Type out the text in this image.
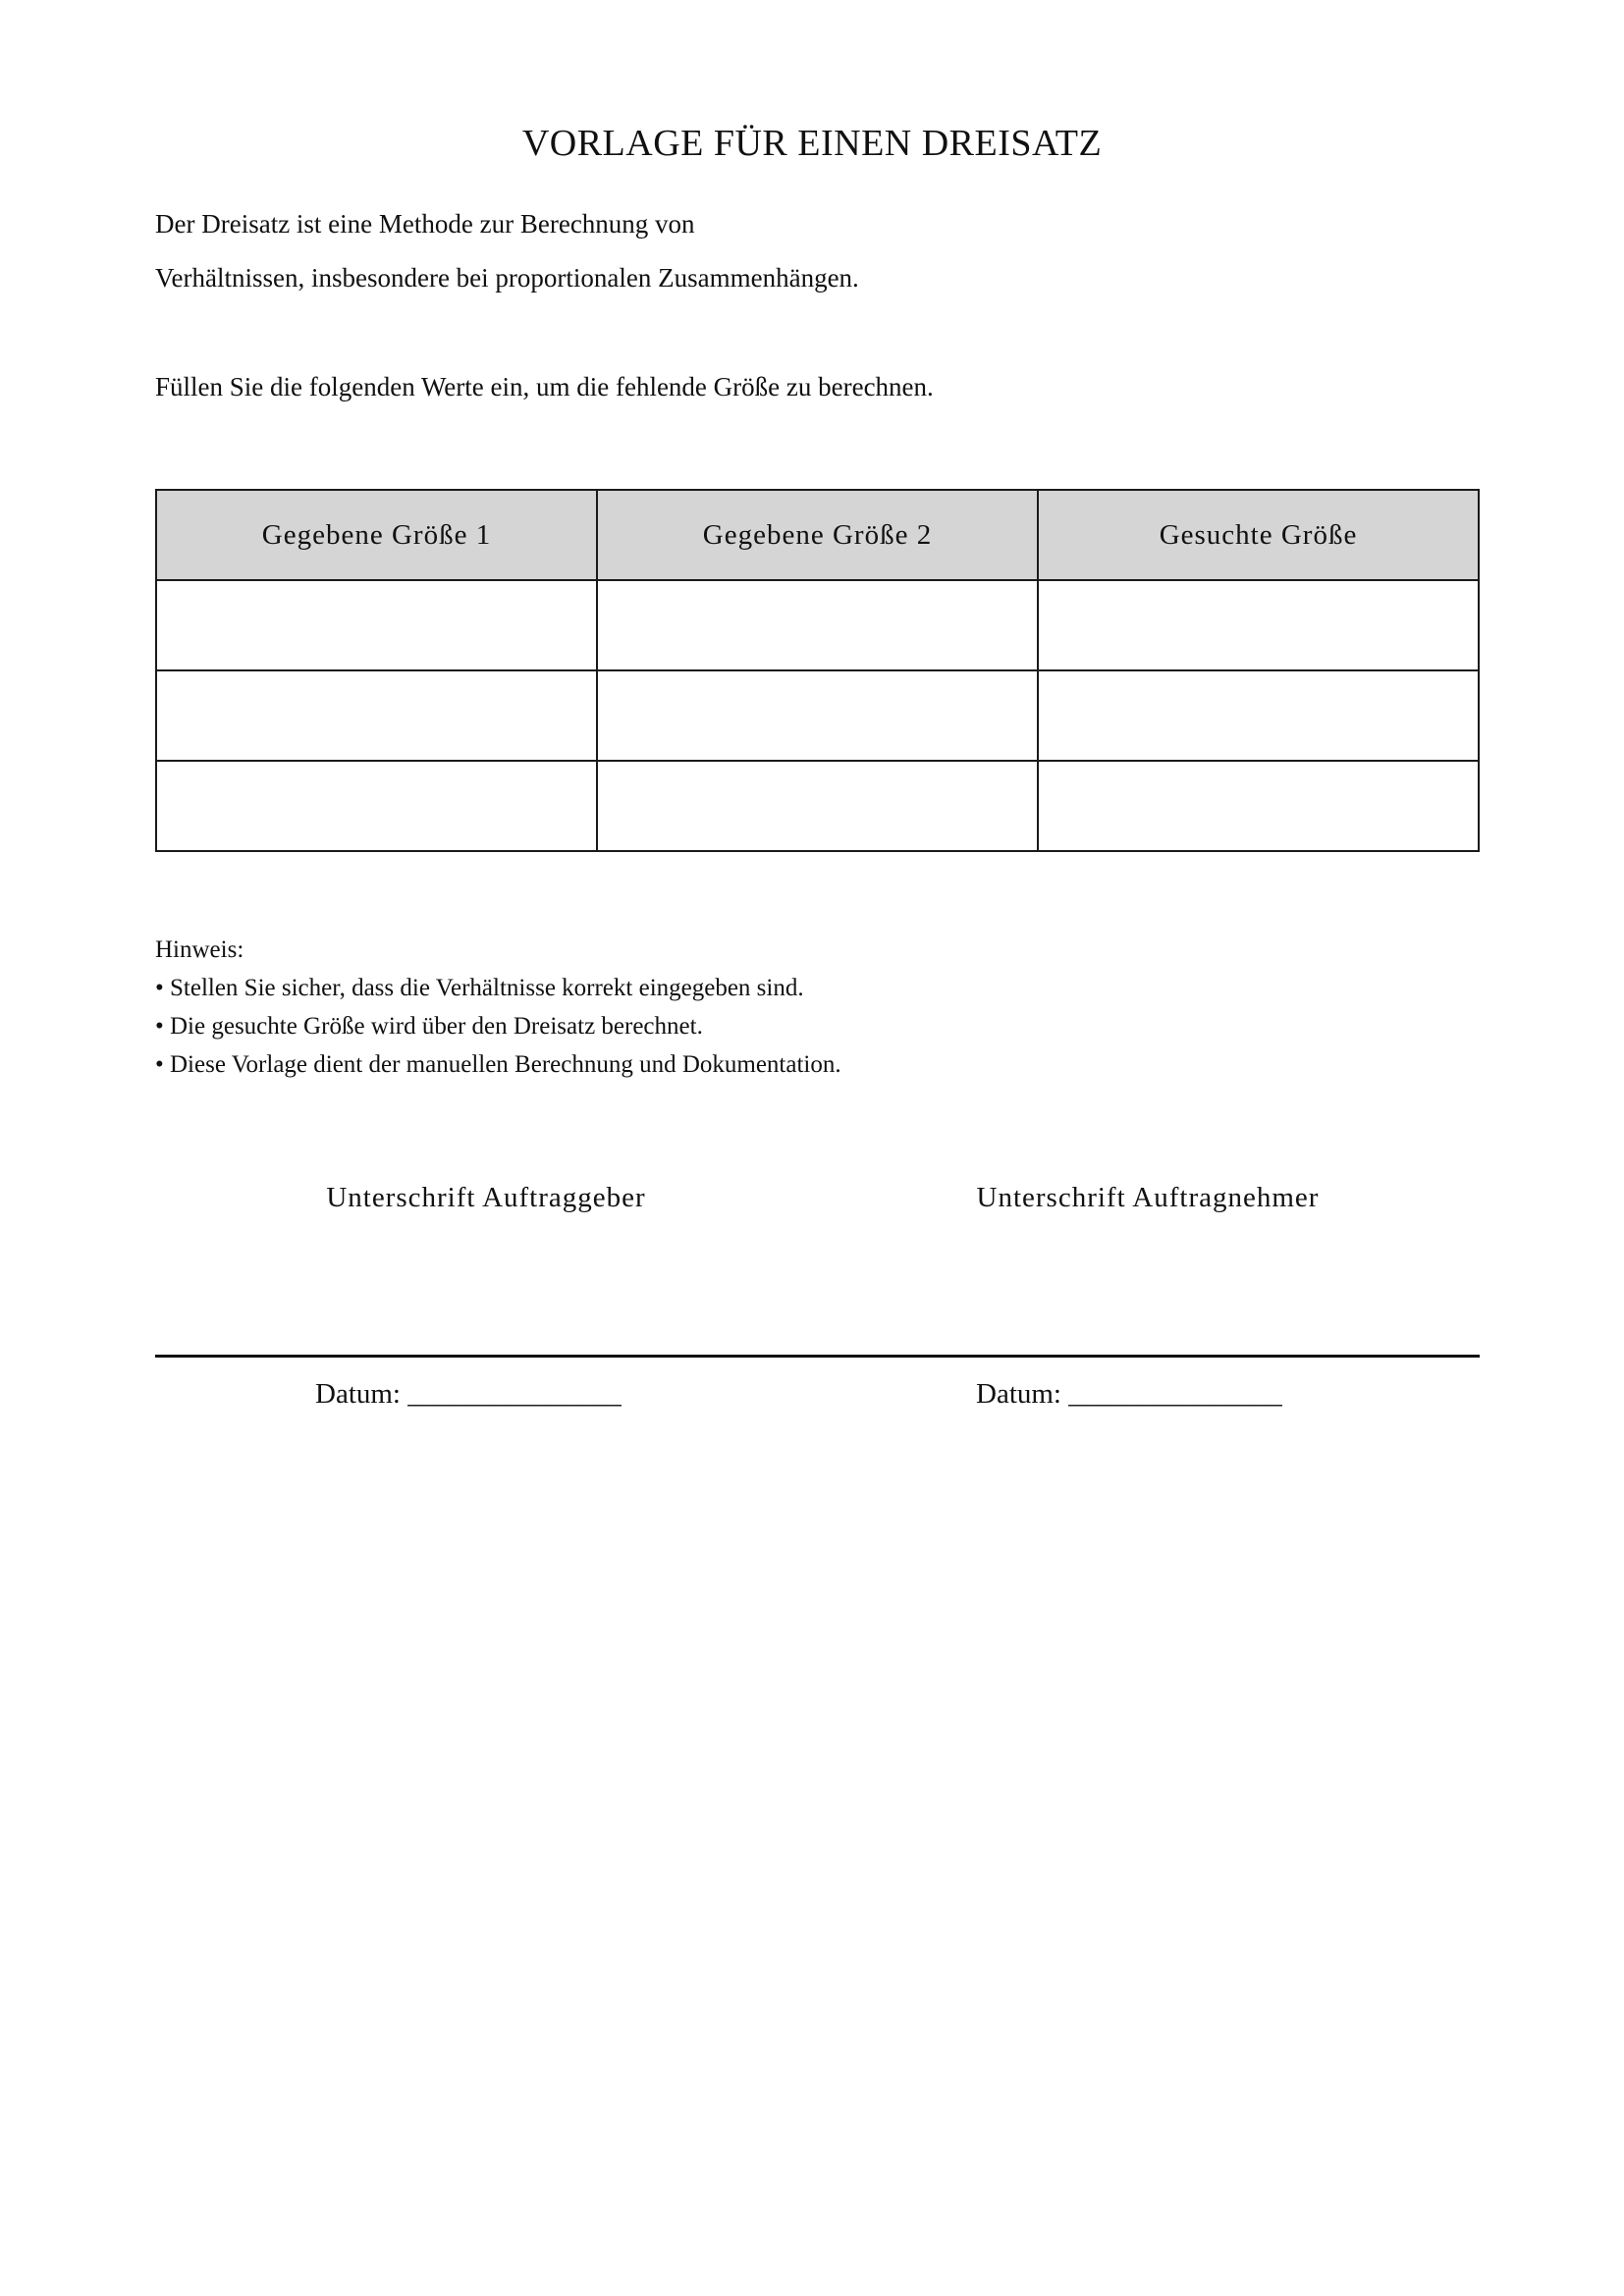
VORLAGE FÜR EINEN DREISATZ
Der Dreisatz ist eine Methode zur Berechnung von
Verhältnissen, insbesondere bei proportionalen Zusammenhängen.
Füllen Sie die folgenden Werte ein, um die fehlende Größe zu berechnen.
Gegebene Größe 1	Gegebene Größe 2	Gesuchte Größe

Hinweis:
• Stellen Sie sicher, dass die Verhältnisse korrekt eingegeben sind.
• Die gesuchte Größe wird über den Dreisatz berechnet.
• Diese Vorlage dient der manuellen Berechnung und Dokumentation.
Unterschrift Auftraggeber	Unterschrift Auftragnehmer
Datum: _______________	Datum: _______________
